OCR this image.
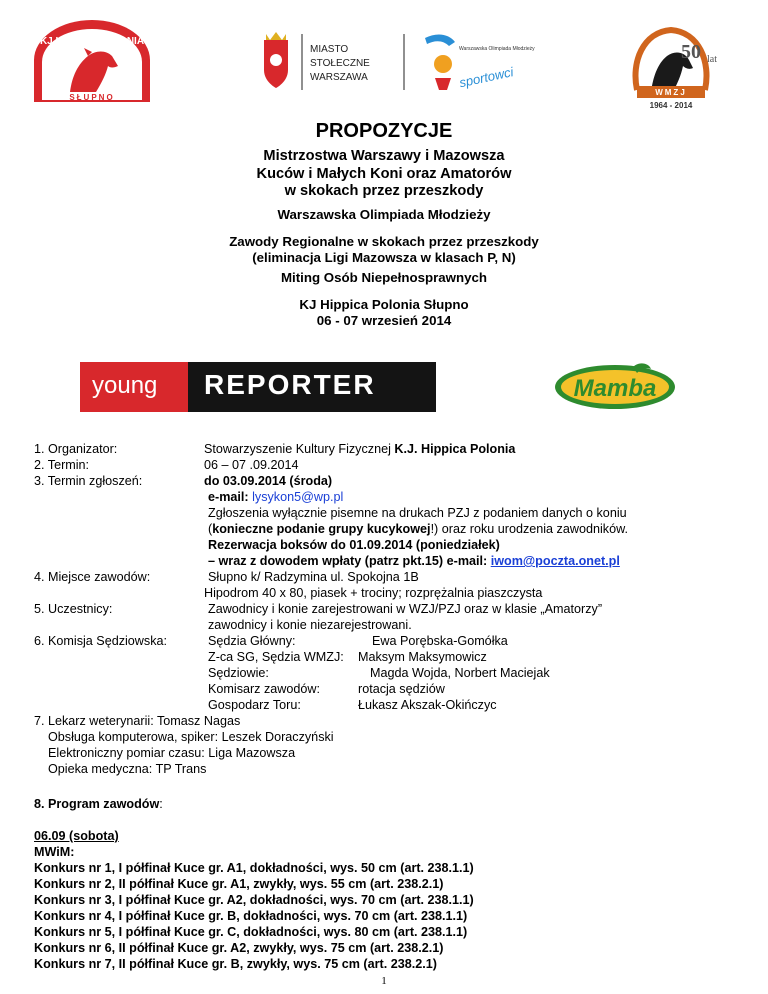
KJ HIPPICA POLONIA
SŁUPNO
MIASTO
STOŁECZNE
WARSZAWA
Warszawska Olimpiada Młodzieży
sportowci
50 lat
WMZJ
1964 - 2014
PROPOZYCJE
Mistrzostwa Warszawy i Mazowsza
Kuców i Małych Koni oraz Amatorów
w skokach przez przeszkody
Warszawska Olimpiada Młodzieży
Zawody Regionalne w skokach przez przeszkody
(eliminacja Ligi Mazowsza w klasach P, N)
Miting Osób Niepełnosprawnych
KJ Hippica Polonia Słupno
06 - 07 wrzesień 2014
young REPORTER	Mamba
1. Organizator:	Stowarzyszenie Kultury Fizycznej K.J. Hippica Polonia
2. Termin:	06 – 07 .09.2014
3. Termin zgłoszeń:	do 03.09.2014 (środa)
e-mail: lysykon5@wp.pl
Zgłoszenia wyłącznie pisemne na drukach PZJ z podaniem danych o koniu
(konieczne podanie grupy kucykowej!) oraz roku urodzenia zawodników.
Rezerwacja boksów do 01.09.2014 (poniedziałek)
– wraz z dowodem wpłaty (patrz pkt.15) e-mail: iwom@poczta.onet.pl
4. Miejsce zawodów:	Słupno k/ Radzymina ul. Spokojna 1B
Hipodrom 40 x 80, piasek + trociny; rozprężalnia piaszczysta
5. Uczestnicy:	Zawodnicy i konie zarejestrowani w WZJ/PZJ oraz w klasie „Amatorzy”
zawodnicy i konie niezarejestrowani.
6. Komisja Sędziowska:	Sędzia Główny:	Ewa Porębska-Gomółka
Z-ca SG, Sędzia WMZJ: Maksym Maksymowicz
Sędziowie:	Magda Wojda, Norbert Maciejak
Komisarz zawodów:	rotacja sędziów
Gospodarz Toru:	Łukasz Akszak-Okińczyc
7. Lekarz weterynarii: Tomasz Nagas
Obsługa komputerowa, spiker: Leszek Doraczyński
Elektroniczny pomiar czasu: Liga Mazowsza
Opieka medyczna: TP Trans
8. Program zawodów:
06.09 (sobota)
MWiM:
Konkurs nr 1, I półfinał Kuce gr. A1, dokładności, wys. 50 cm (art. 238.1.1)
Konkurs nr 2, II półfinał Kuce gr. A1, zwykły, wys. 55 cm (art. 238.2.1)
Konkurs nr 3, I półfinał Kuce gr. A2, dokładności, wys. 70 cm (art. 238.1.1)
Konkurs nr 4, I półfinał Kuce gr. B, dokładności, wys. 70 cm (art. 238.1.1)
Konkurs nr 5, I półfinał Kuce gr. C, dokładności, wys. 80 cm (art. 238.1.1)
Konkurs nr 6, II półfinał Kuce gr. A2, zwykły, wys. 75 cm (art. 238.2.1)
Konkurs nr 7, II półfinał Kuce gr. B, zwykły, wys. 75 cm (art. 238.2.1)
1
